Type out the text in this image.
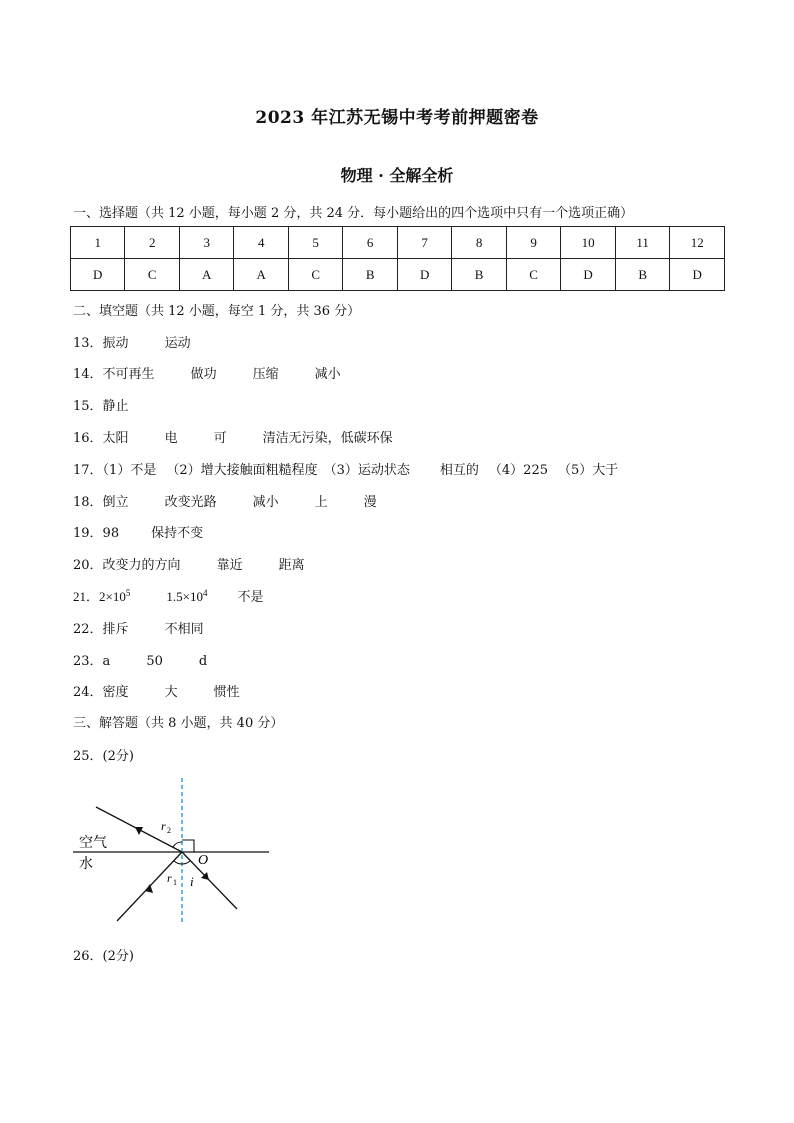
2023 年江苏无锡中考考前押题密卷
物理 · 全解全析
一、选择题（共 12 小题，每小题 2 分，共 24 分．每小题给出的四个选项中只有一个选项正确）
1	2	3	4	5	6	7	8	9	10	11	12
D	C	A	A	C	B	D	B	C	D	B	D
二、填空题（共 12 小题，每空 1 分，共 36 分）
13．振动	运动
14．不可再生	做功	压缩	减小
15．静止
16．太阳	电	可	清洁无污染，低碳环保
17．（1）不是 （2）增大接触面粗糙程度 （3）运动状态 相互的 （4）225 （5）大于
18．倒立	改变光路	减小	上	漫
19．98 保持不变
20．改变力的方向	靠近	距离
21．$2\times 10^5$	$1.5\times 10^4$ 不是
22．排斥	不相同
23．a	50	d
24．密度	大	惯性
三、解答题（共 8 小题，共 40 分）
25．(2分)
空气
水
r 2
r 1
O
i
26．(2分)
